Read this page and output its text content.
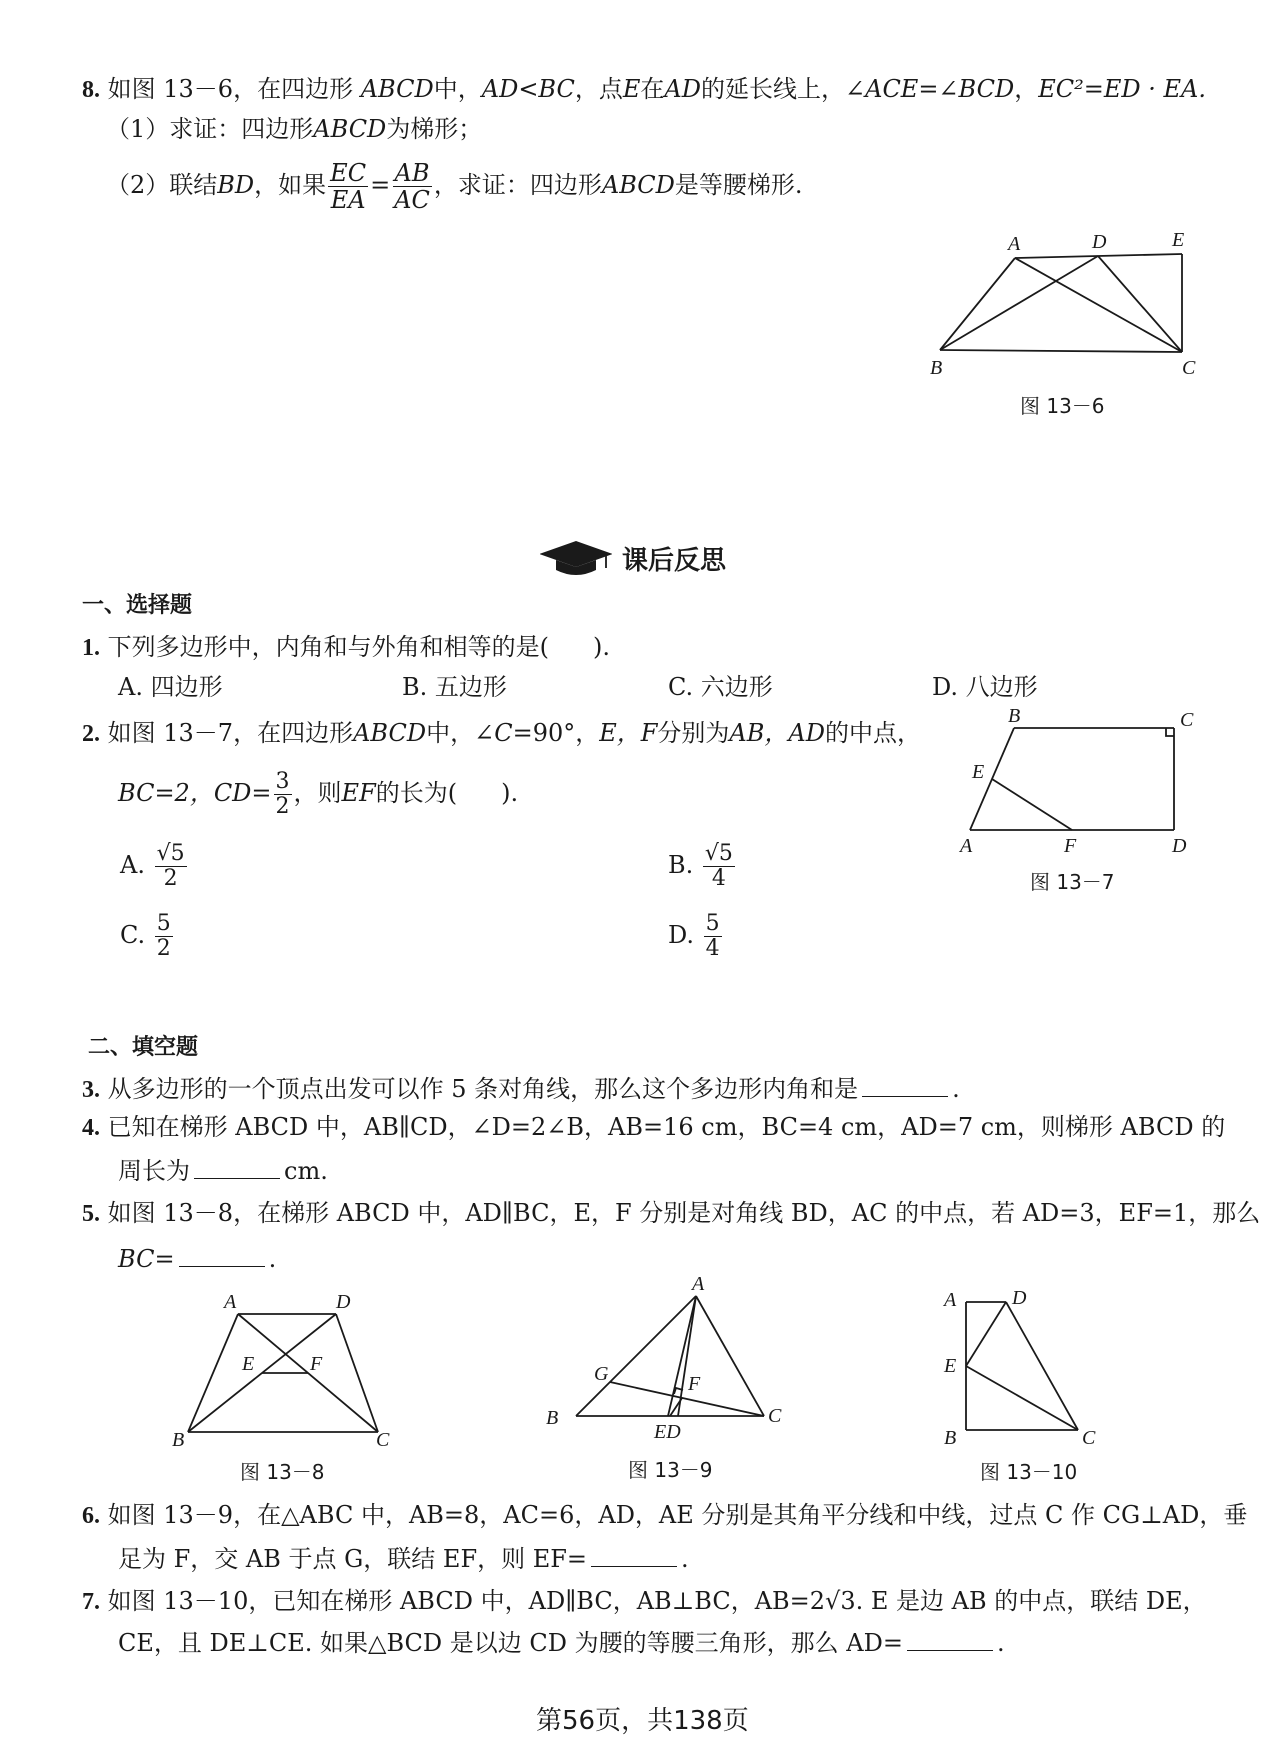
8. 如图 13－6，在四边形 ABCD中，AD<BC，点E在AD的延长线上，∠ACE=∠BCD，EC²=ED · EA.
（1）求证：四边形ABCD为梯形；
（2）联结BD，如果 $\frac{EC}{EA} = \frac{AB}{AC}$ ，求证：四边形ABCD是等腰梯形.
A	D	E
B	C
图 13－6
课后反思
一、选择题
1. 下列多边形中，内角和与外角和相等的是( ).
A. 四边形	B. 五边形	C. 六边形	D. 八边形
2. 如图 13－7，在四边形ABCD中，∠C=90°，E，F分别为AB，AD的中点，
BC=2，$CD= \frac{3}{2}$ ，则EF的长为( ).
A. $\frac{√5}{2}$	B. $\frac{√5}{4}$
C. $\frac{5}{2}$	D. $\frac{5}{4}$
B	C
E
A	F	D
图 13－7
二、填空题
3. 从多边形的一个顶点出发可以作 5 条对角线，那么这个多边形内角和是	.
4. 已知在梯形 ABCD 中，AB∥CD，∠D=2∠B，AB=16 cm，BC=4 cm，AD=7 cm，则梯形 ABCD 的
周长为	cm.
5. 如图 13－8，在梯形 ABCD 中，AD∥BC，E，F 分别是对角线 BD，AC 的中点，若 AD=3，EF=1，那么
BC=	.
A	D
E	F
B	C
图 13－8
A
G	F
B
ED
C
图 13－9
A	D
E
B	C
图 13－10
6. 如图 13－9，在△ABC 中，AB=8，AC=6，AD，AE 分别是其角平分线和中线，过点 C 作 CG⊥AD，垂
足为 F，交 AB 于点 G，联结 EF，则 EF=	.
7. 如图 13－10，已知在梯形 ABCD 中，AD∥BC，AB⊥BC，AB=2√3. E 是边 AB 的中点，联结 DE，
CE，且 DE⊥CE. 如果△BCD 是以边 CD 为腰的等腰三角形，那么 AD=	.
第56页，共138页
